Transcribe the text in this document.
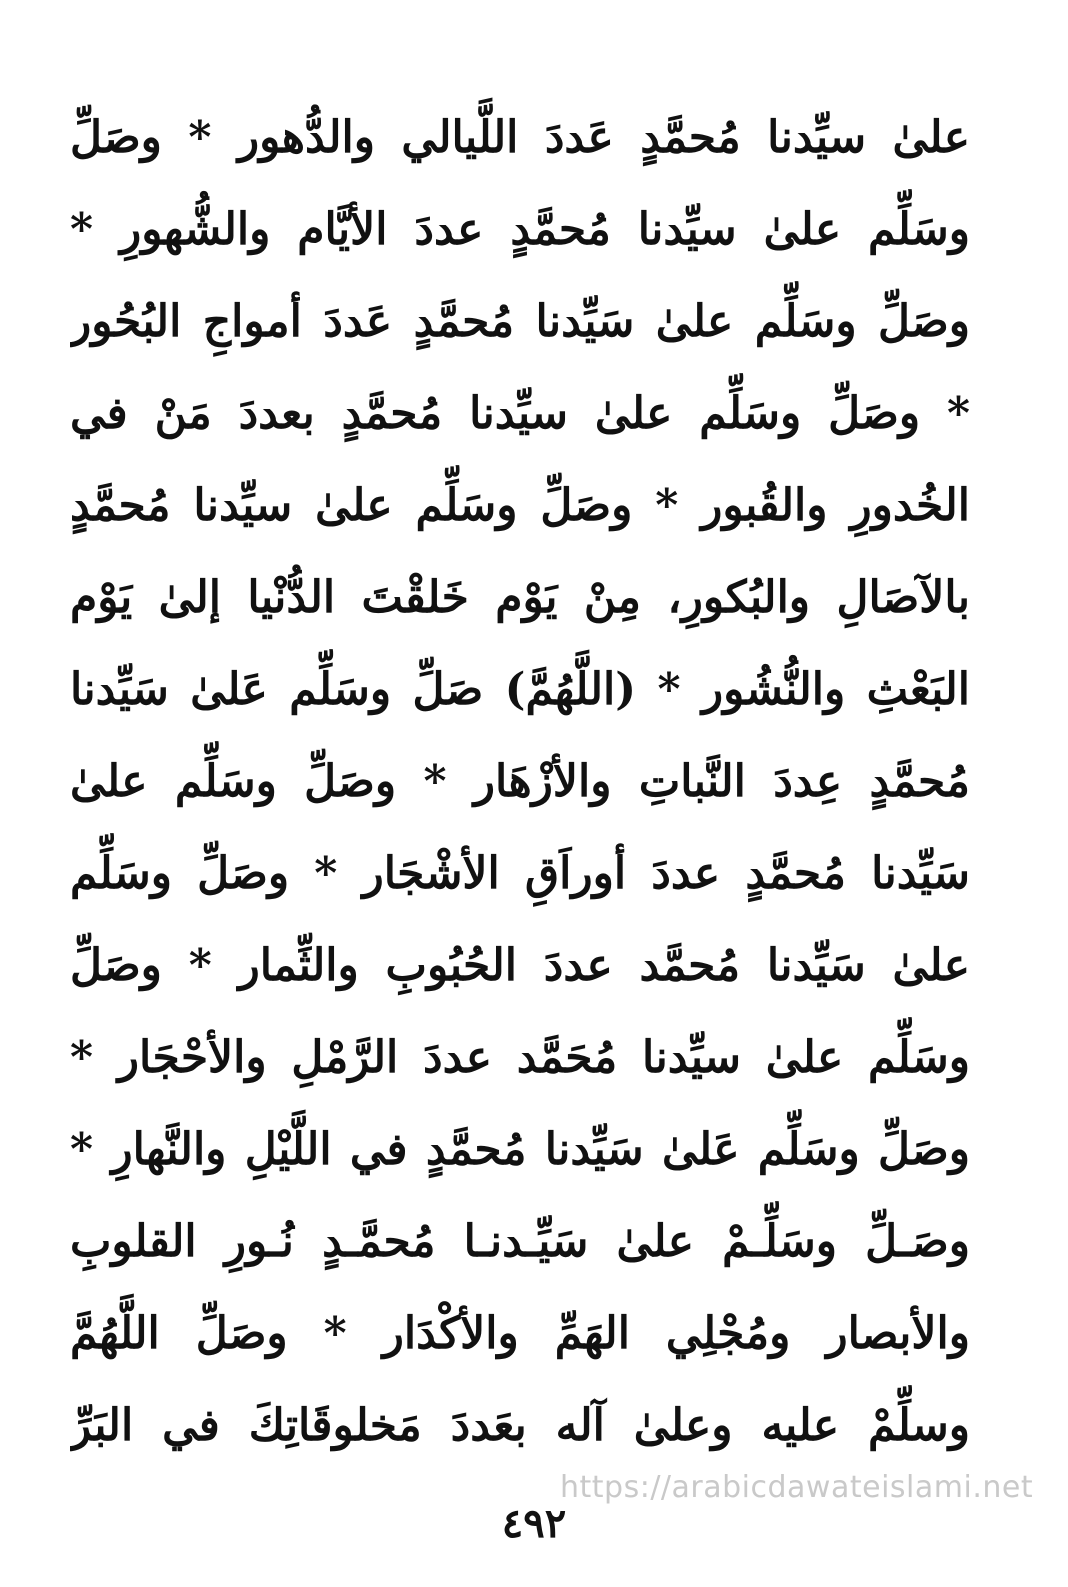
علىٰ سيِّدنا مُحمَّدٍ عَددَ اللَّيالي والدُّهور * وصَلِّ
وسَلِّم علىٰ سيِّدنا مُحمَّدٍ عددَ الأيَّام والشُّهورِ *
وصَلِّ وسَلِّم علىٰ سَيِّدنا مُحمَّدٍ عَددَ أمواجِ البُحُور
* وصَلِّ وسَلِّم علىٰ سيِّدنا مُحمَّدٍ بعددَ مَنْ في
الخُدورِ والقُبور * وصَلِّ وسَلِّم علىٰ سيِّدنا مُحمَّدٍ
بالآصَالِ والبُكورِ، مِنْ يَوْم خَلقْتَ الدُّنْيا إلىٰ يَوْم
البَعْثِ والنُّشُور * (اللَّهُمَّ) صَلِّ وسَلِّم عَلىٰ سَيِّدنا
مُحمَّدٍ عِددَ النَّباتِ والأزْهَار * وصَلِّ وسَلِّم علىٰ
سَيِّدنا مُحمَّدٍ عددَ أوراَقِ الأشْجَار * وصَلِّ وسَلِّم
علىٰ سَيِّدنا مُحمَّد عددَ الحُبُوبِ والثِّمار * وصَلِّ
وسَلِّم علىٰ سيِّدنا مُحَمَّد عددَ الرَّمْلِ والأحْجَار *
وصَلِّ وسَلِّم عَلىٰ سَيِّدنا مُحمَّدٍ في اللَّيْلِ والنَّهارِ *
وصَـلِّ وسَلِّـمْ علىٰ سَيِّـدنـا مُحمَّـدٍ نُـورِ القلوبِ
والأبصار ومُجْلِي الهَمِّ والأكْدَار * وصَلِّ اللَّهُمَّ
وسلِّمْ عليه وعلىٰ آله بعَددَ مَخلوقَاتِكَ في البَرِّ
https://arabicdawateislami.net
٤٩٢
